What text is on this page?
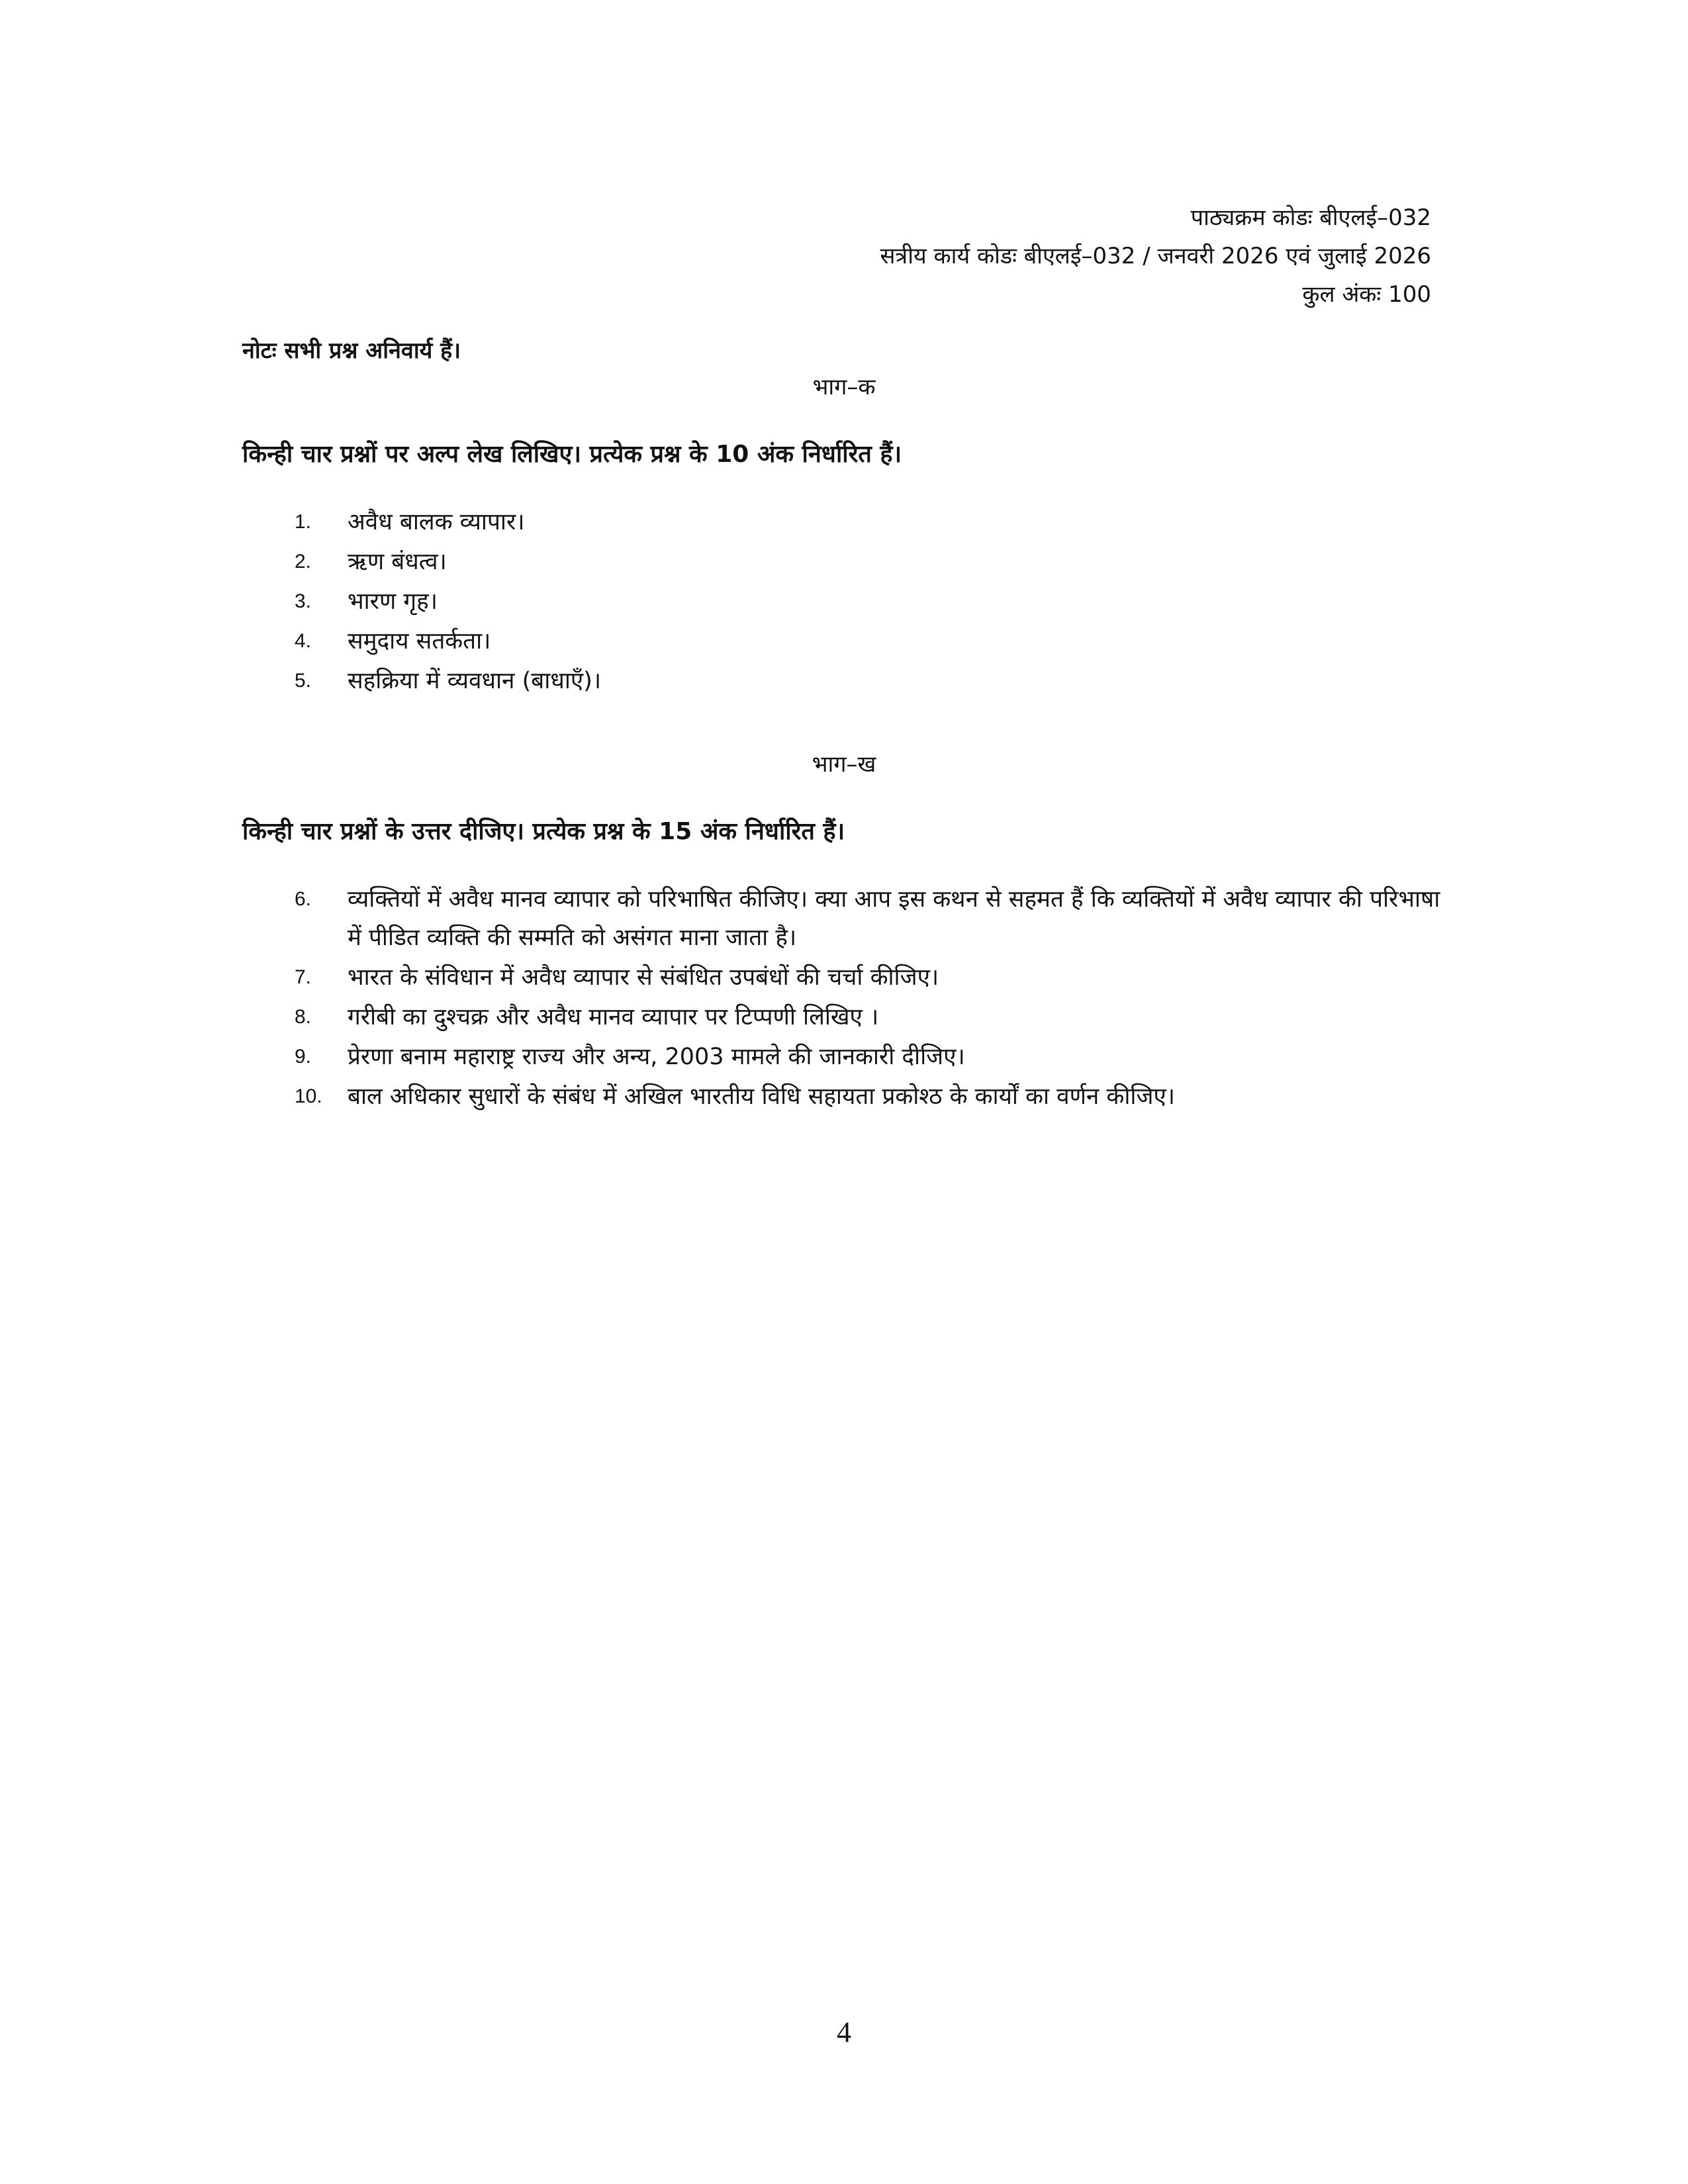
पाठ्यक्रम कोडः बीएलई–032
सत्रीय कार्य कोडः बीएलई–032 / जनवरी 2026 एवं जुलाई 2026
कुल अंकः 100
नोटः सभी प्रश्न अनिवार्य हैं।
भाग–क
किन्ही चार प्रश्नों पर अल्प लेख लिखिए। प्रत्येक प्रश्न के 10 अंक निर्धारित हैं।
1.	अवैध बालक व्यापार।
2.	ऋण बंधत्व।
3.	भारण गृह।
4.	समुदाय सतर्कता।
5.	सहक्रिया में व्यवधान (बाधाएँ)।
भाग–ख
किन्ही चार प्रश्नों के उत्तर दीजिए। प्रत्येक प्रश्न के 15 अंक निर्धारित हैं।
6.	व्यक्तियों में अवैध मानव व्यापार को परिभाषित कीजिए। क्या आप इस कथन से सहमत हैं कि व्यक्तियों में अवैध व्यापार की परिभाषा में पीडित व्यक्ति की सम्मति को असंगत माना जाता है।
7.	भारत के संविधान में अवैध व्यापार से संबंधित उपबंधों की चर्चा कीजिए।
8.	गरीबी का दुश्चक्र और अवैध मानव व्यापार पर टिप्पणी लिखिए ।
9.	प्रेरणा बनाम महाराष्ट्र राज्य और अन्य, 2003 मामले की जानकारी दीजिए।
10.	बाल अधिकार सुधारों के संबंध में अखिल भारतीय विधि सहायता प्रकोश्ठ के कार्यों का वर्णन कीजिए।
4
